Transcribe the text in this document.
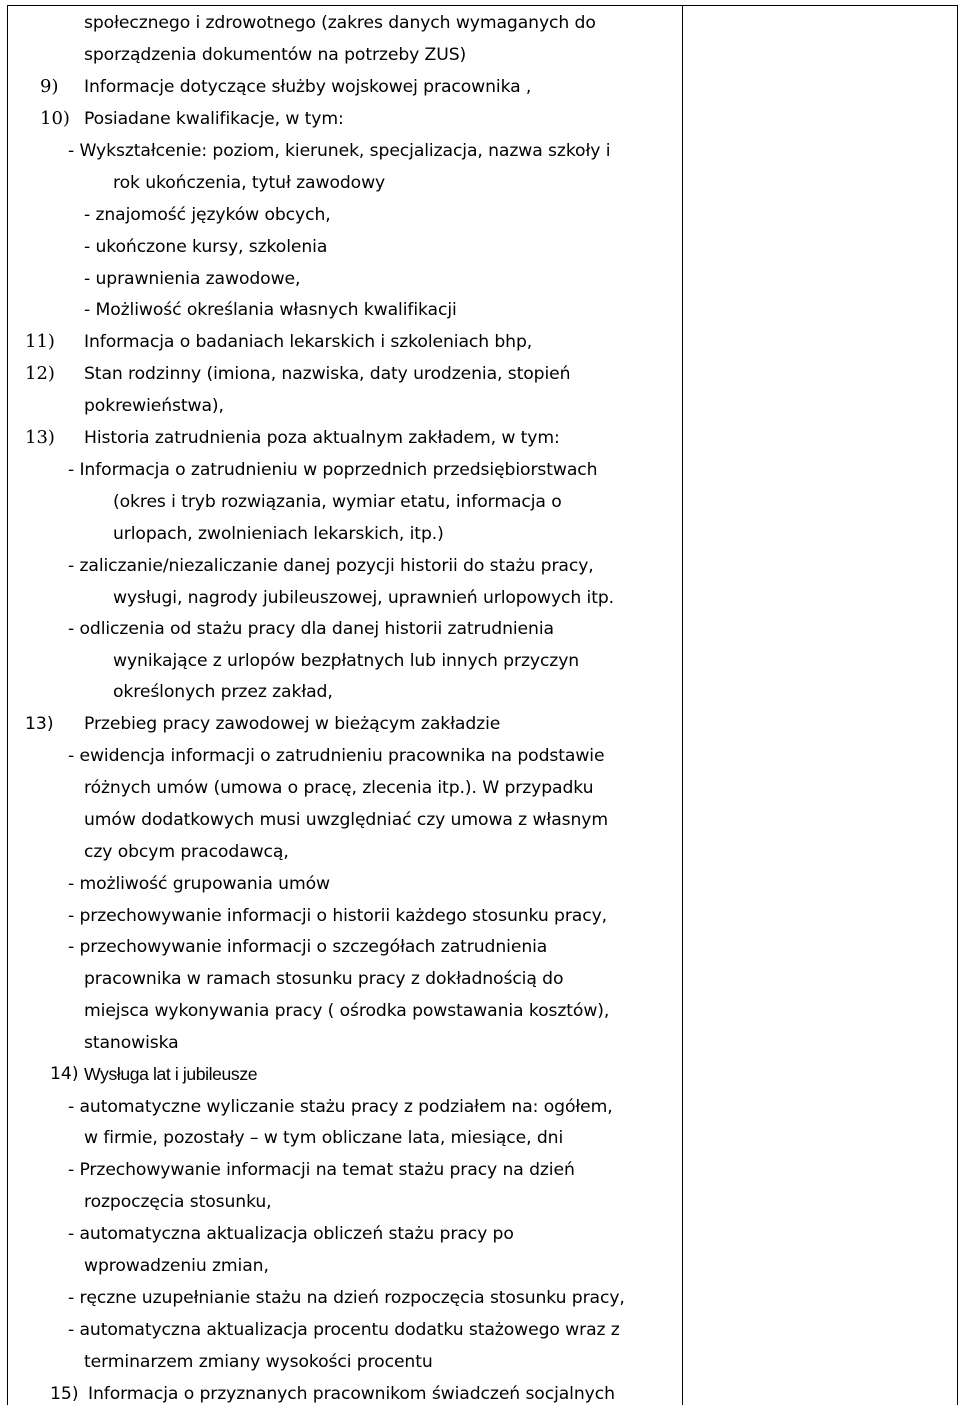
9)
10)
11)
12)
13)
13)
14)
15)
społecznego i zdrowotnego (zakres danych wymaganych do
sporządzenia dokumentów na potrzeby ZUS)
Informacje dotyczące służby wojskowej pracownika ,
Posiadane kwalifikacje, w tym:
- Wykształcenie: poziom, kierunek, specjalizacja, nazwa szkoły i
rok ukończenia, tytuł zawodowy
- znajomość języków obcych,
- ukończone kursy, szkolenia
- uprawnienia zawodowe,
- Możliwość określania własnych kwalifikacji
Informacja o badaniach lekarskich i szkoleniach bhp,
Stan rodzinny (imiona, nazwiska, daty urodzenia, stopień
pokrewieństwa),
Historia zatrudnienia poza aktualnym zakładem, w tym:
- Informacja o zatrudnieniu w poprzednich przedsiębiorstwach
(okres i tryb rozwiązania, wymiar etatu, informacja o
urlopach, zwolnieniach lekarskich, itp.)
- zaliczanie/niezaliczanie danej pozycji historii do stażu pracy,
wysługi, nagrody jubileuszowej, uprawnień urlopowych itp.
- odliczenia od stażu pracy dla danej historii zatrudnienia
wynikające z urlopów bezpłatnych lub innych przyczyn
określonych przez zakład,
Przebieg pracy zawodowej w bieżącym zakładzie
- ewidencja informacji o zatrudnieniu pracownika na podstawie
różnych umów (umowa o pracę, zlecenia itp.). W przypadku
umów dodatkowych musi uwzględniać czy umowa z własnym
czy obcym pracodawcą,
- możliwość grupowania umów
- przechowywanie informacji o historii każdego stosunku pracy,
- przechowywanie informacji o szczegółach zatrudnienia
pracownika w ramach stosunku pracy z dokładnością do
miejsca wykonywania pracy ( ośrodka powstawania kosztów),
stanowiska
Wysługa lat i jubileusze
- automatyczne wyliczanie stażu pracy z podziałem na: ogółem,
w firmie, pozostały – w tym obliczane lata, miesiące, dni
- Przechowywanie informacji na temat stażu pracy na dzień
rozpoczęcia stosunku,
- automatyczna aktualizacja obliczeń stażu pracy po
wprowadzeniu zmian,
- ręczne uzupełnianie stażu na dzień rozpoczęcia stosunku pracy,
- automatyczna aktualizacja procentu dodatku stażowego wraz z
terminarzem zmiany wysokości procentu
Informacja o przyznanych pracownikom świadczeń socjalnych
